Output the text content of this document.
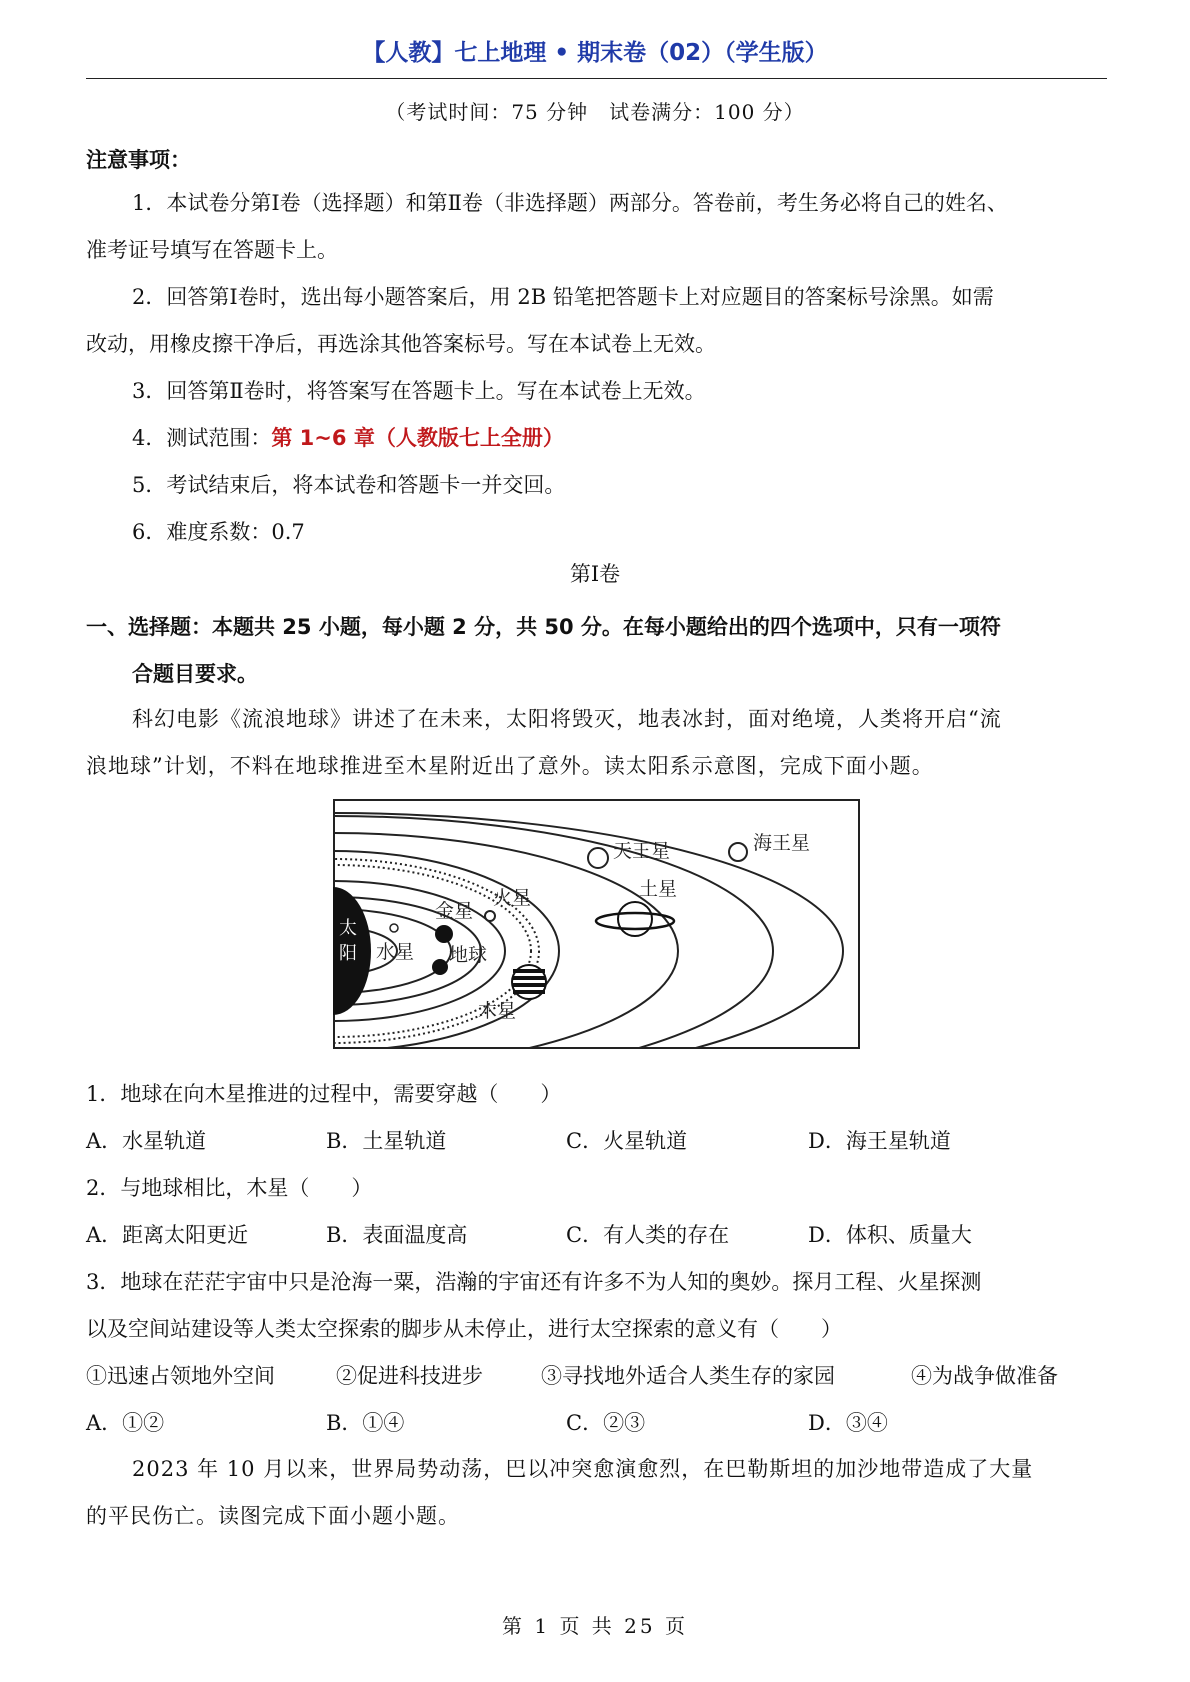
【人教】七上地理 • 期末卷（02）（学生版）
（考试时间：75 分钟　试卷满分：100 分）
注意事项：
1．本试卷分第Ⅰ卷（选择题）和第Ⅱ卷（非选择题）两部分。答卷前，考生务必将自己的姓名、
准考证号填写在答题卡上。
2．回答第Ⅰ卷时，选出每小题答案后，用 2B 铅笔把答题卡上对应题目的答案标号涂黑。如需
改动，用橡皮擦干净后，再选涂其他答案标号。写在本试卷上无效。
3．回答第Ⅱ卷时，将答案写在答题卡上。写在本试卷上无效。
4．测试范围：第 1~6 章（人教版七上全册）
5．考试结束后，将本试卷和答题卡一并交回。
6．难度系数：0.7
第Ⅰ卷
一、选择题：本题共 25 小题，每小题 2 分，共 50 分。在每小题给出的四个选项中，只有一项符
合题目要求。
科幻电影《流浪地球》讲述了在未来，太阳将毁灭，地表冰封，面对绝境，人类将开启“流
浪地球”计划，不料在地球推进至木星附近出了意外。读太阳系示意图，完成下面小题。
太
阳 水星
金星
地球
火星
木星
土星
天王星	海王星
1．地球在向木星推进的过程中，需要穿越（　　）
A．水星轨道	B．土星轨道	C．火星轨道	D．海王星轨道
2．与地球相比，木星（　　）
A．距离太阳更近	B．表面温度高	C．有人类的存在	D．体积、质量大
3．地球在茫茫宇宙中只是沧海一粟，浩瀚的宇宙还有许多不为人知的奥妙。探月工程、火星探测
以及空间站建设等人类太空探索的脚步从未停止，进行太空探索的意义有（　　）
①迅速占领地外空间	②促进科技进步	③寻找地外适合人类生存的家园	④为战争做准备
A．①②	B．①④	C．②③	D．③④
2023 年 10 月以来，世界局势动荡，巴以冲突愈演愈烈，在巴勒斯坦的加沙地带造成了大量
的平民伤亡。读图完成下面小题小题。
第 1 页 共 25 页
